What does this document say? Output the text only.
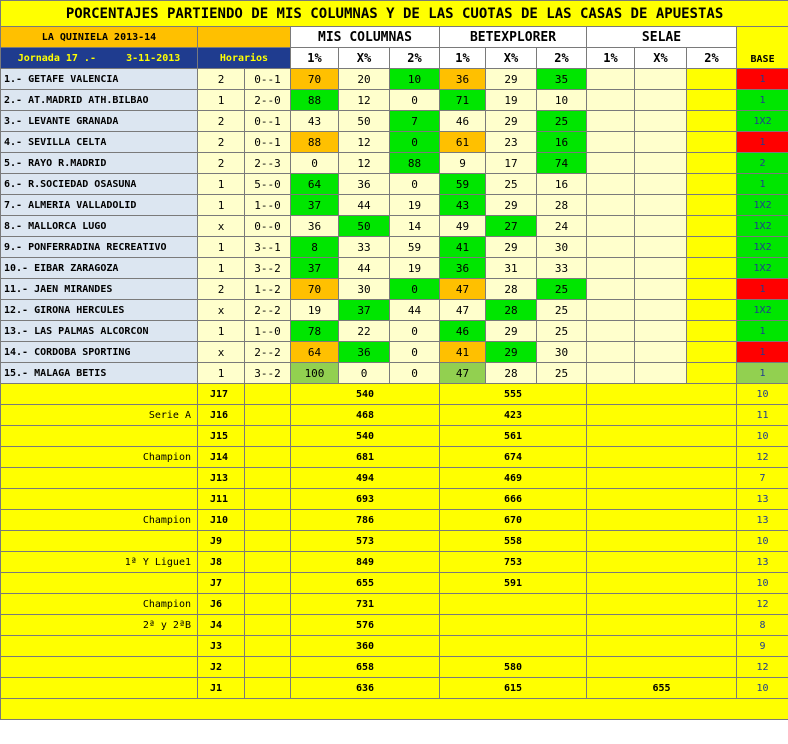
PORCENTAJES PARTIENDO DE MIS COLUMNAS Y DE LAS CUOTAS DE LAS CASAS DE APUESTAS												
LA QUINIELA 2013-14			MIS COLUMNAS			BETEXPLORER			SELAE			BASE
Jornada 17 .- 3-11-2013	Horarios		1%	X%	2%	1%	X%	2%	1%	X%	2%	
1.- GETAFE VALENCIA	2	0--1	70	20	10	36	29	35				1
2.- AT.MADRID ATH.BILBAO	1	2--0	88	12	0	71	19	10				1
3.- LEVANTE GRANADA	2	0--1	43	50	7	46	29	25				1X2
4.- SEVILLA CELTA	2	0--1	88	12	0	61	23	16				1
5.- RAYO R.MADRID	2	2--3	0	12	88	9	17	74				2
6.- R.SOCIEDAD OSASUNA	1	5--0	64	36	0	59	25	16				1
7.- ALMERIA VALLADOLID	1	1--0	37	44	19	43	29	28				1X2
8.- MALLORCA LUGO	x	0--0	36	50	14	49	27	24				1X2
9.- PONFERRADINA RECREATIVO	1	3--1	8	33	59	41	29	30				1X2
10.- EIBAR ZARAGOZA	1	3--2	37	44	19	36	31	33				1X2
11.- JAEN MIRANDES	2	1--2	70	30	0	47	28	25				1
12.- GIRONA HERCULES	x	2--2	19	37	44	47	28	25				1X2
13.- LAS PALMAS ALCORCON	1	1--0	78	22	0	46	29	25				1
14.- CORDOBA SPORTING	x	2--2	64	36	0	41	29	30				1
15.- MALAGA BETIS	1	3--2	100	0	0	47	28	25				1
	J17		540			555						10
Serie A	J16		468			423						11
	J15		540			561						10
Champion	J14		681			674						12
	J13		494			469						7
	J11		693			666						13
Champion	J10		786			670						13
	J9		573			558						10
1ª Y Ligue1	J8		849			753						13
	J7		655			591						10
Champion	J6		731									12
2ª y 2ªB	J4		576									8
	J3		360									9
	J2		658			580						12
	J1		636			615			655			10
